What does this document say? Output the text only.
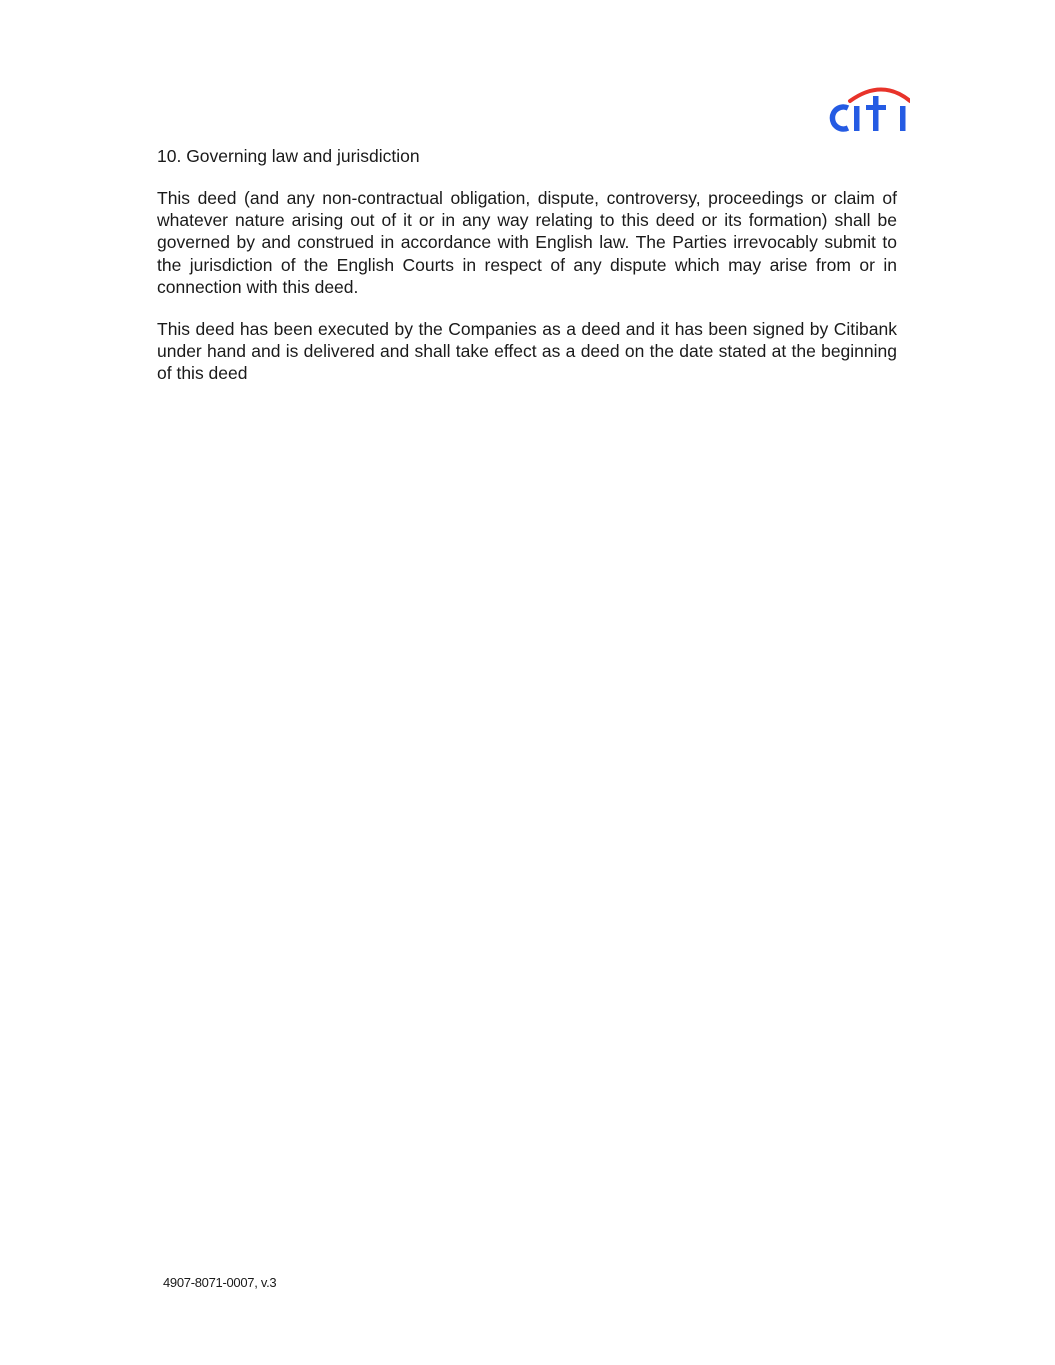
10. Governing law and jurisdiction

This deed (and any non-contractual obligation, dispute, controversy, proceedings or claim of whatever nature arising out of it or in any way relating to this deed or its formation) shall be governed by and construed in accordance with English law. The Parties irrevocably submit to the jurisdiction of the English Courts in respect of any dispute which may arise from or in connection with this deed.

This deed has been executed by the Companies as a deed and it has been signed by Citibank under hand and is delivered and shall take effect as a deed on the date stated at the beginning of this deed

4907-8071-0007, v.3
